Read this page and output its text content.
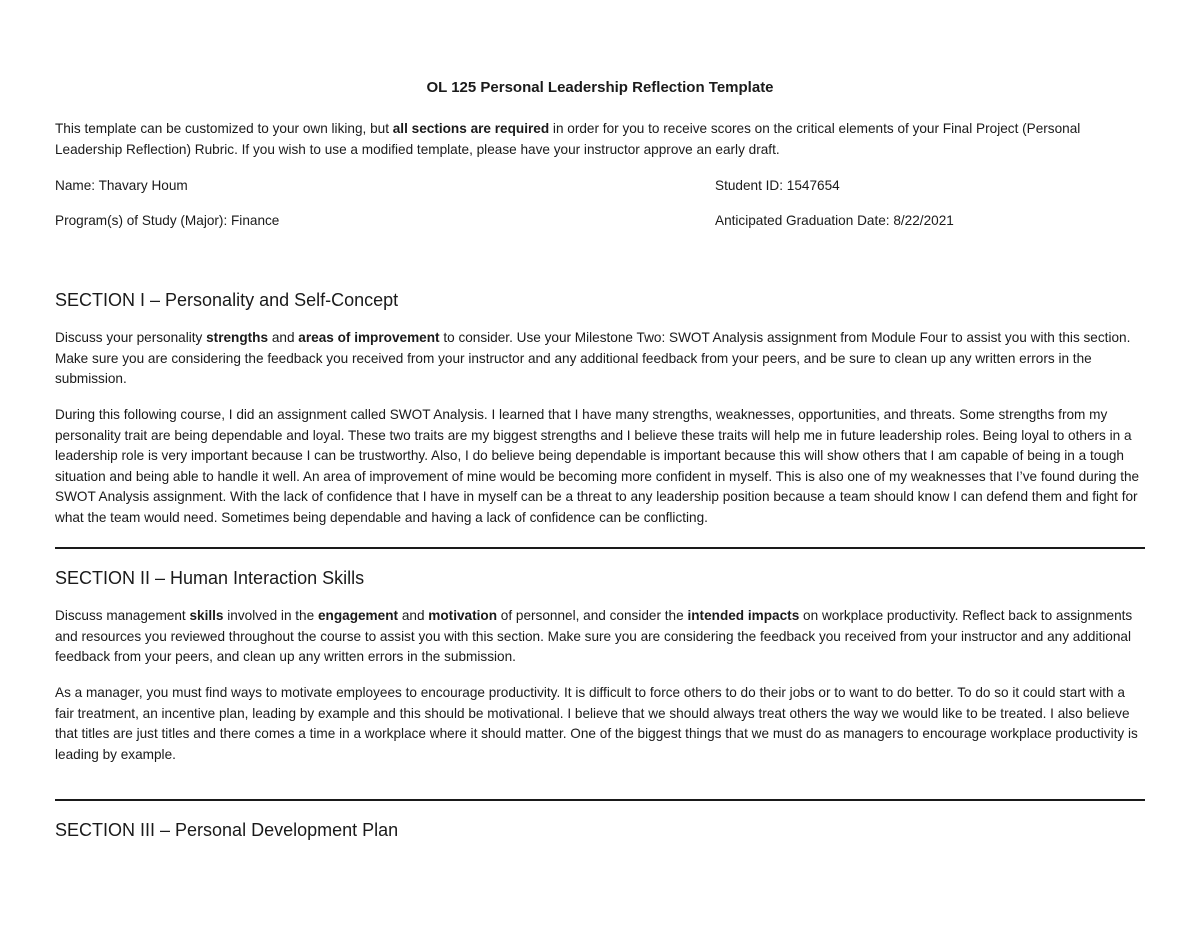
OL 125 Personal Leadership Reflection Template

This template can be customized to your own liking, but all sections are required in order for you to receive scores on the critical elements of your Final Project (Personal Leadership Reflection) Rubric. If you wish to use a modified template, please have your instructor approve an early draft.

Name: Thavary Houm	Student ID: 1547654
Program(s) of Study (Major): Finance	Anticipated Graduation Date: 8/22/2021
SECTION I – Personality and Self-Concept

Discuss your personality strengths and areas of improvement to consider. Use your Milestone Two: SWOT Analysis assignment from Module Four to assist you with this section. Make sure you are considering the feedback you received from your instructor and any additional feedback from your peers, and be sure to clean up any written errors in the submission.

During this following course, I did an assignment called SWOT Analysis. I learned that I have many strengths, weaknesses, opportunities, and threats. Some strengths from my personality trait are being dependable and loyal. These two traits are my biggest strengths and I believe these traits will help me in future leadership roles. Being loyal to others in a leadership role is very important because I can be trustworthy. Also, I do believe being dependable is important because this will show others that I am capable of being in a tough situation and being able to handle it well. An area of improvement of mine would be becoming more confident in myself. This is also one of my weaknesses that I’ve found during the SWOT Analysis assignment. With the lack of confidence that I have in myself can be a threat to any leadership position because a team should know I can defend them and fight for what the team would need. Sometimes being dependable and having a lack of confidence can be conflicting.

SECTION II – Human Interaction Skills

Discuss management skills involved in the engagement and motivation of personnel, and consider the intended impacts on workplace productivity. Reflect back to assignments and resources you reviewed throughout the course to assist you with this section. Make sure you are considering the feedback you received from your instructor and any additional feedback from your peers, and clean up any written errors in the submission.

As a manager, you must find ways to motivate employees to encourage productivity. It is difficult to force others to do their jobs or to want to do better. To do so it could start with a fair treatment, an incentive plan, leading by example and this should be motivational. I believe that we should always treat others the way we would like to be treated. I also believe that titles are just titles and there comes a time in a workplace where it should matter. One of the biggest things that we must do as managers to encourage workplace productivity is leading by example.

SECTION III – Personal Development Plan
